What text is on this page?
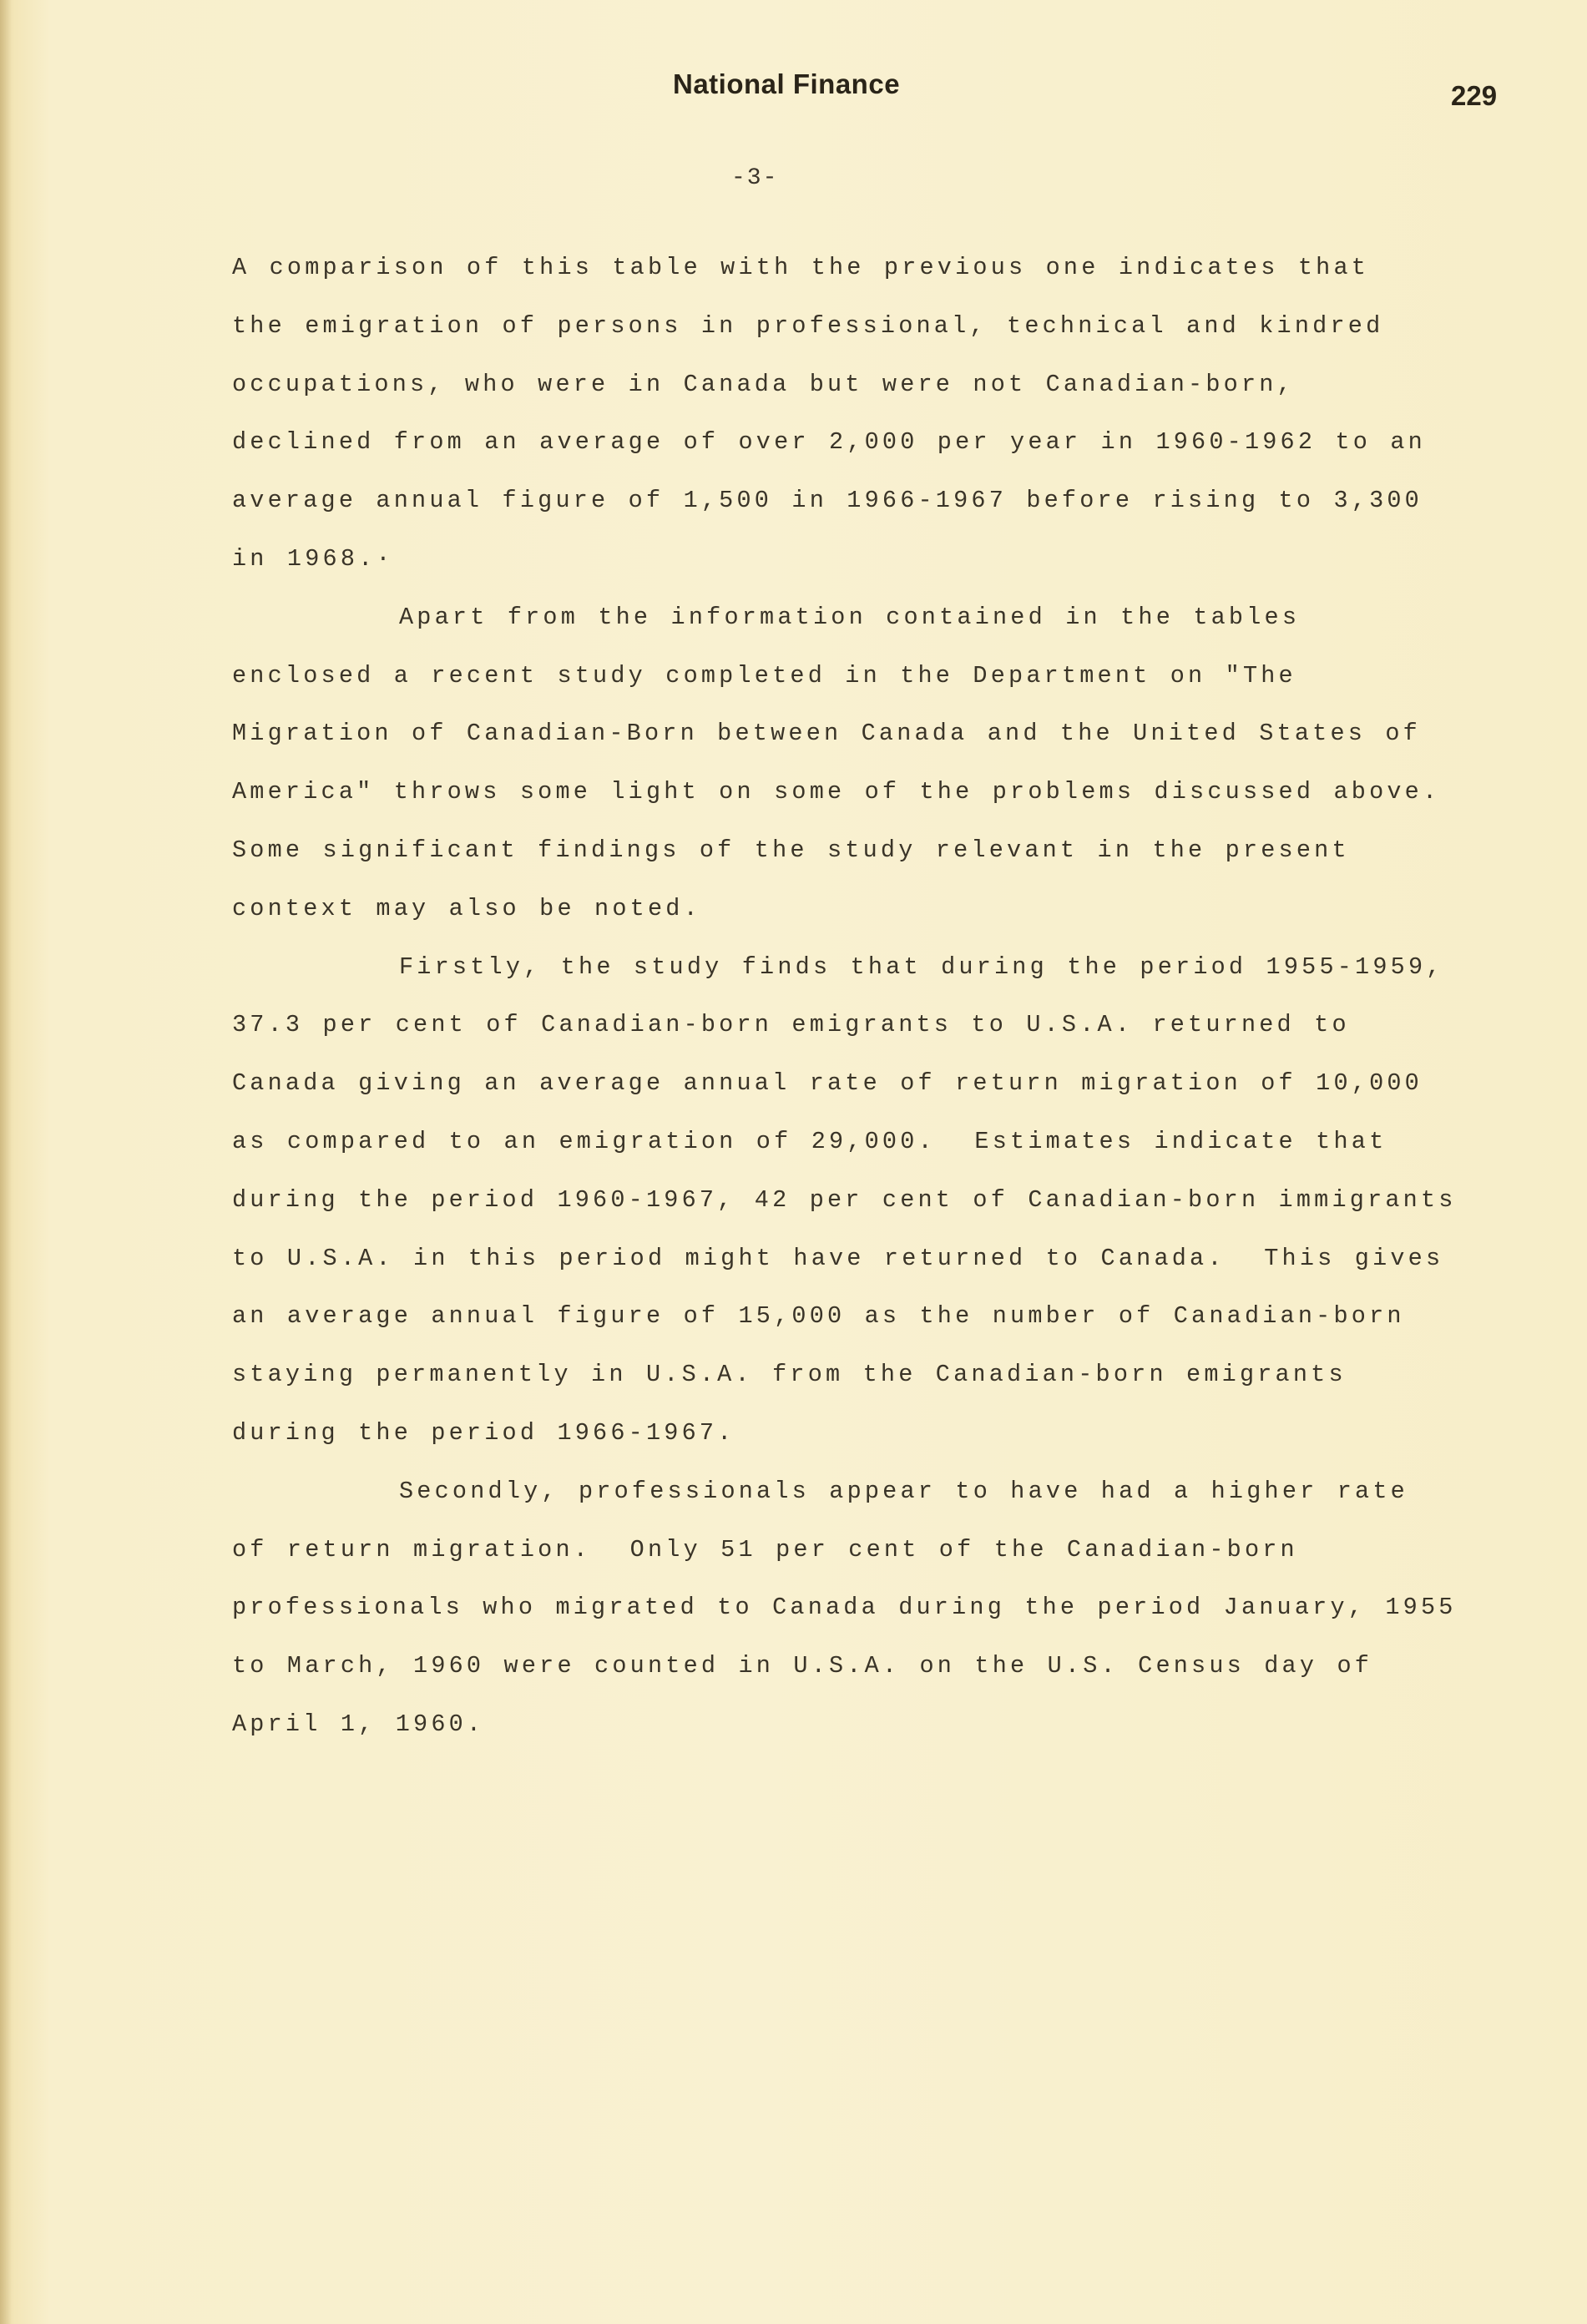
National Finance	229
-3-
A comparison of this table with the previous one indicates that
the emigration of persons in professional, technical and kindred
occupations, who were in Canada but were not Canadian-born,
declined from an average of over 2,000 per year in 1960-1962 to an
average annual figure of 1,500 in 1966-1967 before rising to 3,300
in 1968.·
Apart from the information contained in the tables
enclosed a recent study completed in the Department on "The
Migration of Canadian-Born between Canada and the United States of
America" throws some light on some of the problems discussed above.
Some significant findings of the study relevant in the present
context may also be noted.
Firstly, the study finds that during the period 1955-1959,
37.3 per cent of Canadian-born emigrants to U.S.A. returned to
Canada giving an average annual rate of return migration of 10,000
as compared to an emigration of 29,000.  Estimates indicate that
during the period 1960-1967, 42 per cent of Canadian-born immigrants
to U.S.A. in this period might have returned to Canada.  This gives
an average annual figure of 15,000 as the number of Canadian-born
staying permanently in U.S.A. from the Canadian-born emigrants
during the period 1966-1967.
Secondly, professionals appear to have had a higher rate
of return migration.  Only 51 per cent of the Canadian-born
professionals who migrated to Canada during the period January, 1955
to March, 1960 were counted in U.S.A. on the U.S. Census day of
April 1, 1960.
